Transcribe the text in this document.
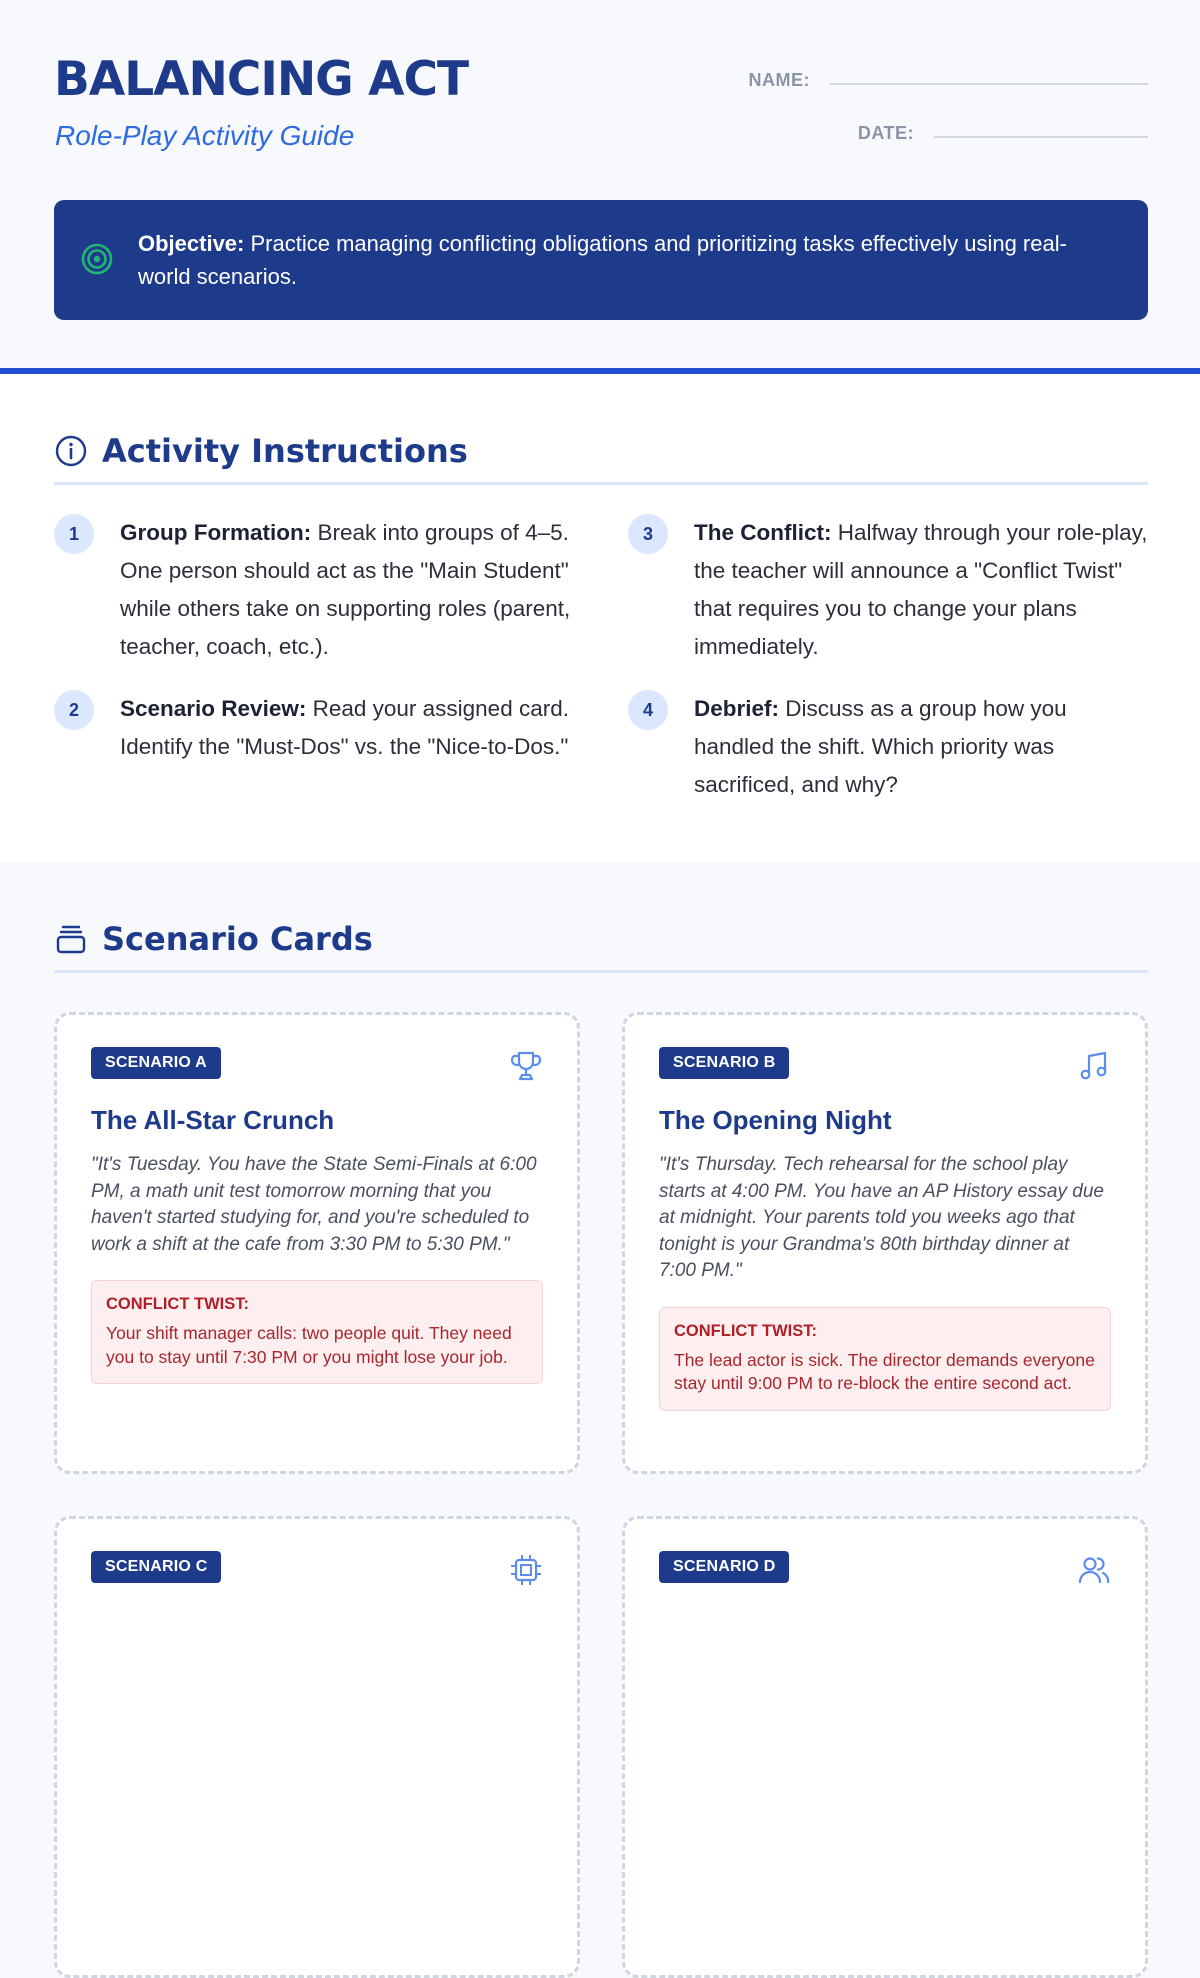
BALANCING ACT
Role-Play Activity Guide
NAME:
DATE:

Objective: Practice managing conflicting obligations and prioritizing tasks effectively using real-world scenarios.

Activity Instructions
1	Group Formation: Break into groups of 4–5. One person should act as the "Main Student" while others take on supporting roles (parent, teacher, coach, etc.).

3	The Conflict: Halfway through your role-play, the teacher will announce a "Conflict Twist" that requires you to change your plans immediately.

2	Scenario Review: Read your assigned card. Identify the "Must-Dos" vs. the "Nice-to-Dos."

4	Debrief: Discuss as a group how you handled the shift. Which priority was sacrificed, and why?

Scenario Cards
SCENARIO A
The All-Star Crunch

"It's Tuesday. You have the State Semi-Finals at 6:00 PM, a math unit test tomorrow morning that you haven't started studying for, and you're scheduled to work a shift at the cafe from 3:30 PM to 5:30 PM."

CONFLICT TWIST:
Your shift manager calls: two people quit. They need you to stay until 7:30 PM or you might lose your job.
SCENARIO B
The Opening Night

"It's Thursday. Tech rehearsal for the school play starts at 4:00 PM. You have an AP History essay due at midnight. Your parents told you weeks ago that tonight is your Grandma's 80th birthday dinner at 7:00 PM."

CONFLICT TWIST:
The lead actor is sick. The director demands everyone stay until 9:00 PM to re-block the entire second act.
SCENARIO C	SCENARIO D
